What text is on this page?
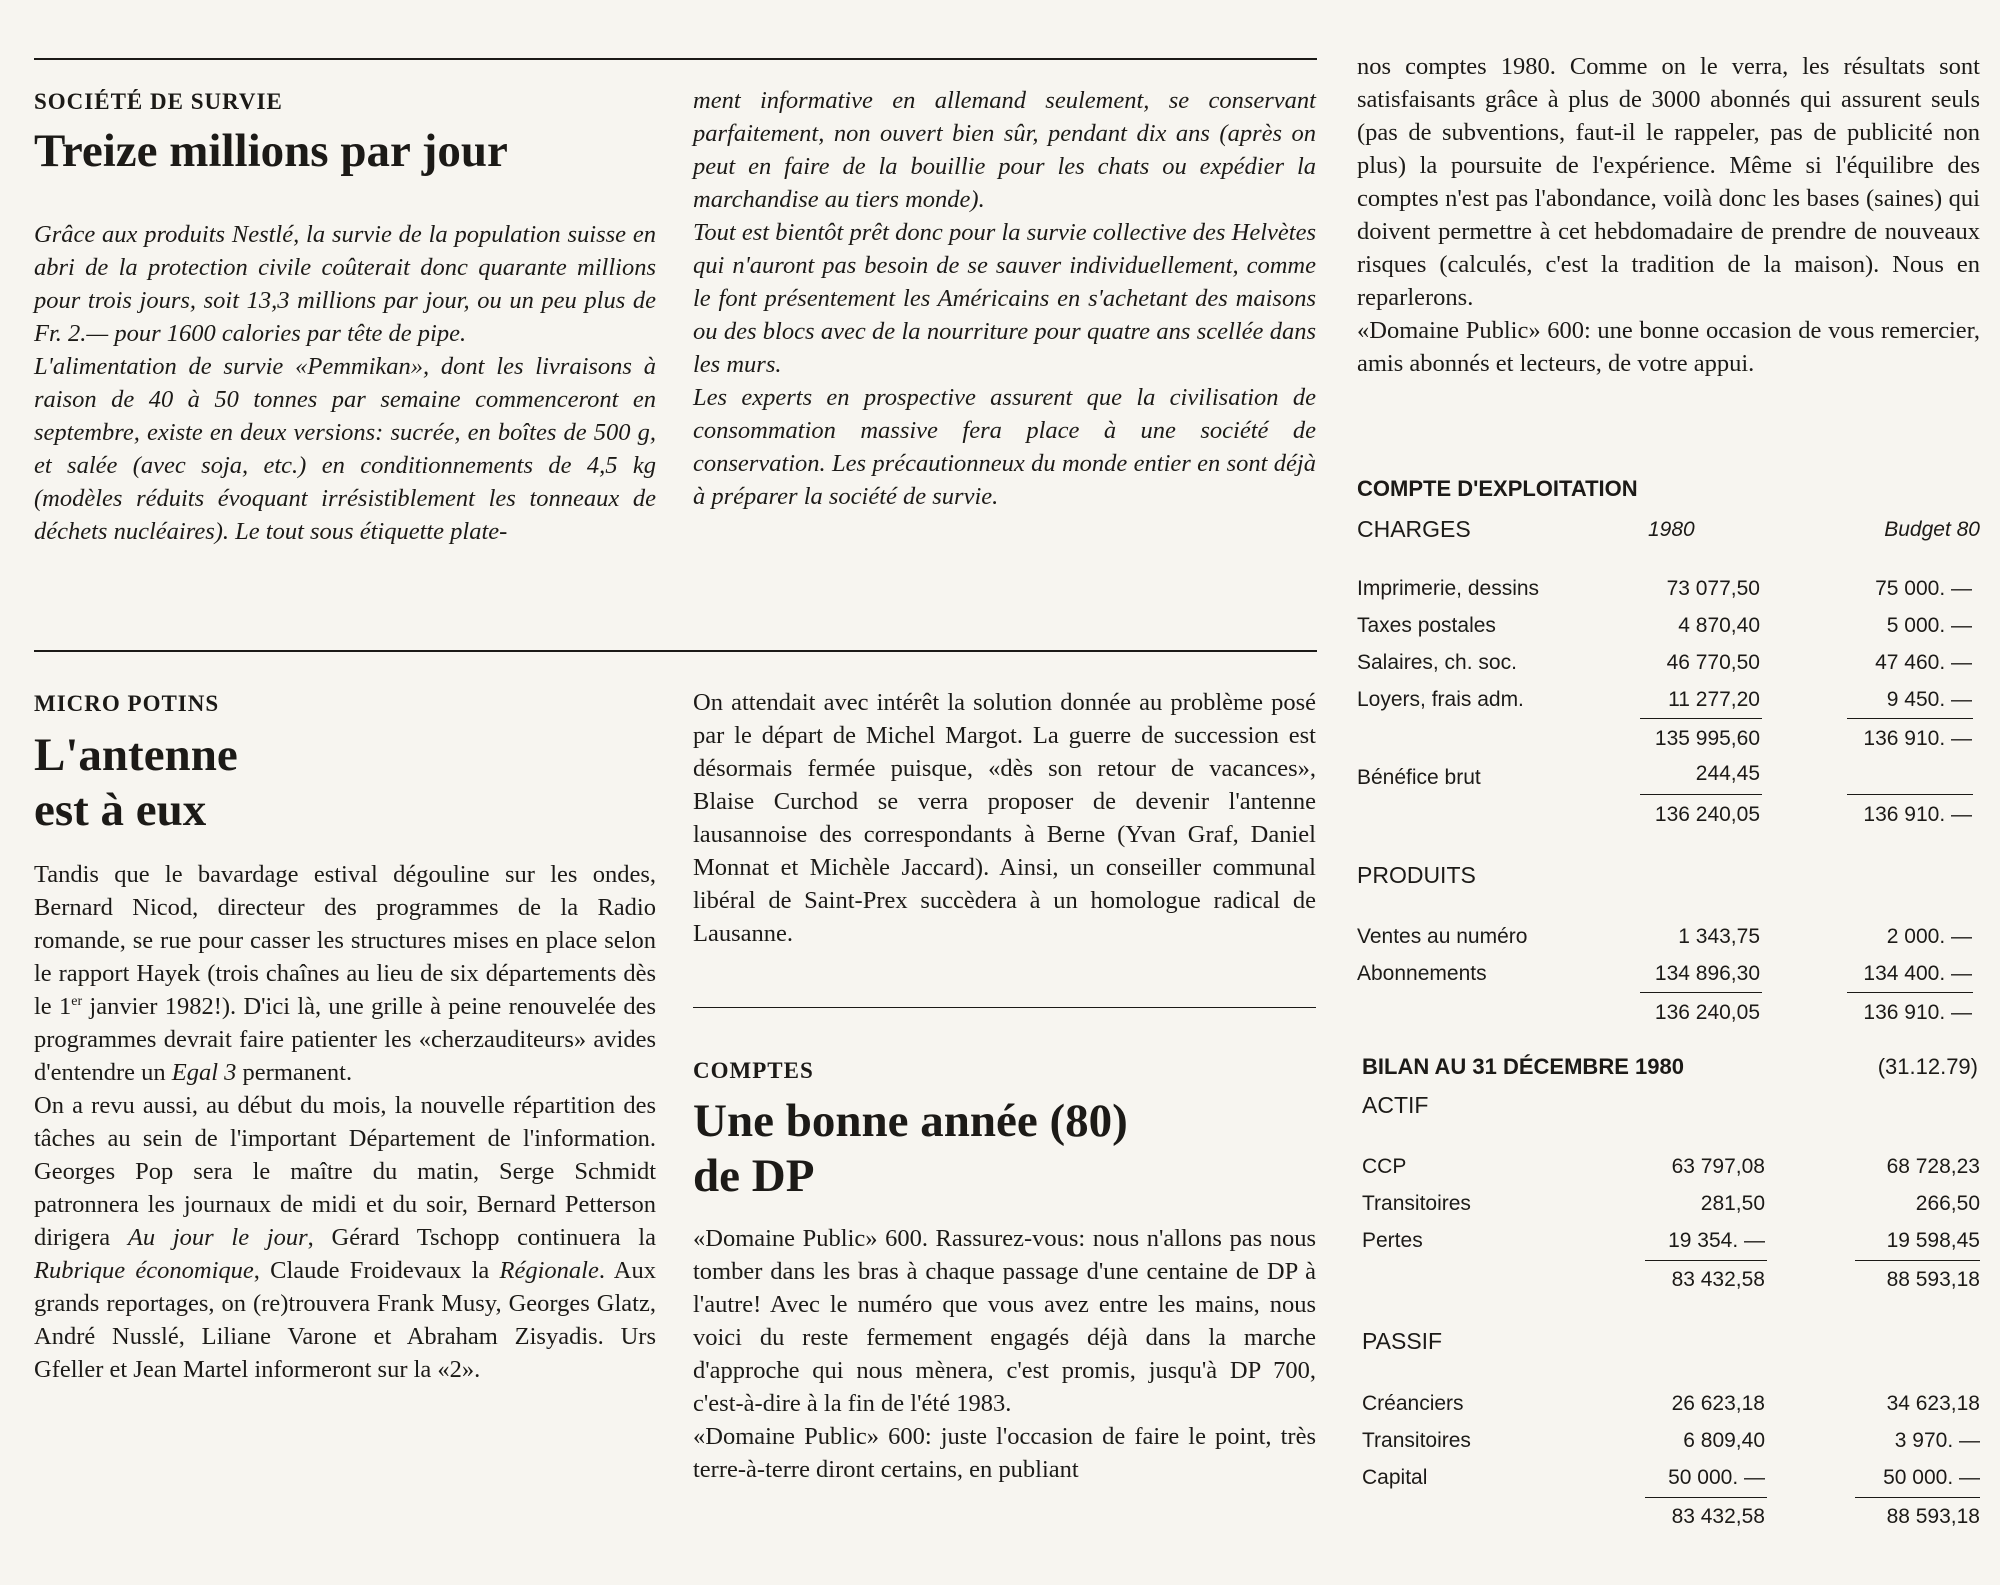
SOCIÉTÉ DE SURVIE
Treize millions par jour

Grâce aux produits Nestlé, la survie de la population suisse en abri de la protection civile coûterait donc quarante millions pour trois jours, soit 13,3 millions par jour, ou un peu plus de Fr. 2.— pour 1600 calories par tête de pipe.

L'alimentation de survie «Pemmikan», dont les livraisons à raison de 40 à 50 tonnes par semaine commenceront en septembre, existe en deux versions: sucrée, en boîtes de 500 g, et salée (avec soja, etc.) en conditionnements de 4,5 kg (modèles réduits évoquant irrésistiblement les tonneaux de déchets nucléaires). Le tout sous étiquette plate-

ment informative en allemand seulement, se conservant parfaitement, non ouvert bien sûr, pendant dix ans (après on peut en faire de la bouillie pour les chats ou expédier la marchandise au tiers monde).

Tout est bientôt prêt donc pour la survie collective des Helvètes qui n'auront pas besoin de se sauver individuellement, comme le font présentement les Américains en s'achetant des maisons ou des blocs avec de la nourriture pour quatre ans scellée dans les murs.

Les experts en prospective assurent que la civilisation de consommation massive fera place à une société de conservation. Les précautionneux du monde entier en sont déjà à préparer la société de survie.

MICRO POTINS
L'antenne
est à eux

Tandis que le bavardage estival dégouline sur les ondes, Bernard Nicod, directeur des programmes de la Radio romande, se rue pour casser les structures mises en place selon le rapport Hayek (trois chaînes au lieu de six départements dès le 1er janvier 1982!). D'ici là, une grille à peine renouvelée des programmes devrait faire patienter les «cherzauditeurs» avides d'entendre un Egal 3 permanent.

On a revu aussi, au début du mois, la nouvelle répartition des tâches au sein de l'important Département de l'information. Georges Pop sera le maître du matin, Serge Schmidt patronnera les journaux de midi et du soir, Bernard Petterson dirigera Au jour le jour, Gérard Tschopp continuera la Rubrique économique, Claude Froidevaux la Régionale. Aux grands reportages, on (re)trouvera Frank Musy, Georges Glatz, André Nusslé, Liliane Varone et Abraham Zisyadis. Urs Gfeller et Jean Martel informeront sur la «2».

On attendait avec intérêt la solution donnée au problème posé par le départ de Michel Margot. La guerre de succession est désormais fermée puisque, «dès son retour de vacances», Blaise Curchod se verra proposer de devenir l'antenne lausannoise des correspondants à Berne (Yvan Graf, Daniel Monnat et Michèle Jaccard). Ainsi, un conseiller communal libéral de Saint-Prex succèdera à un homologue radical de Lausanne.

COMPTES
Une bonne année (80)
de DP

«Domaine Public» 600. Rassurez-vous: nous n'allons pas nous tomber dans les bras à chaque passage d'une centaine de DP à l'autre! Avec le numéro que vous avez entre les mains, nous voici du reste fermement engagés déjà dans la marche d'approche qui nous mènera, c'est promis, jusqu'à DP 700, c'est-à-dire à la fin de l'été 1983.

«Domaine Public» 600: juste l'occasion de faire le point, très terre-à-terre diront certains, en publiant

nos comptes 1980. Comme on le verra, les résultats sont satisfaisants grâce à plus de 3000 abonnés qui assurent seuls (pas de subventions, faut-il le rappeler, pas de publicité non plus) la poursuite de l'expérience. Même si l'équilibre des comptes n'est pas l'abondance, voilà donc les bases (saines) qui doivent permettre à cet hebdomadaire de prendre de nouveaux risques (calculés, c'est la tradition de la maison). Nous en reparlerons.

«Domaine Public» 600: une bonne occasion de vous remercier, amis abonnés et lecteurs, de votre appui.

COMPTE D'EXPLOITATION
CHARGES	1980	Budget 80
Imprimerie, dessins	73 077,50	75 000. —
Taxes postales	4 870,40	5 000. —
Salaires, ch. soc.	46 770,50	47 460. —
Loyers, frais adm.	11 277,20	9 450. —
135 995,60	136 910. —
Bénéfice brut	244,45
136 240,05	136 910. —
PRODUITS
Ventes au numéro	1 343,75	2 000. —
Abonnements	134 896,30	134 400. —
136 240,05	136 910. —
BILAN AU 31 DÉCEMBRE 1980	(31.12.79)
ACTIF
CCP	63 797,08	68 728,23
Transitoires	281,50	266,50
Pertes	19 354. —	19 598,45
83 432,58	88 593,18
PASSIF
Créanciers	26 623,18	34 623,18
Transitoires	6 809,40	3 970. —
Capital	50 000. —	50 000. —
83 432,58	88 593,18
